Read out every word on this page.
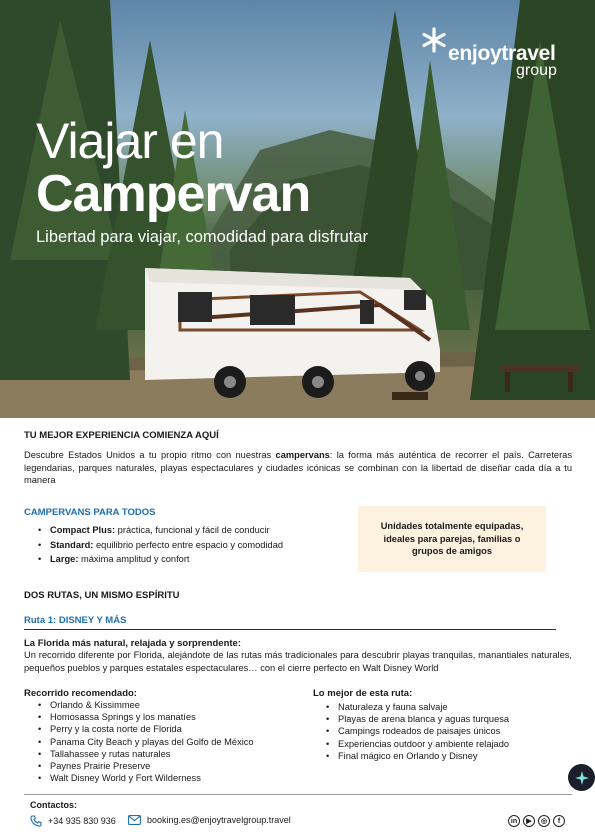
enjoytravel
group
Viajar en
Campervan
Libertad para viajar, comodidad para disfrutar
TU MEJOR EXPERIENCIA COMIENZA AQUÍ
Descubre Estados Unidos a tu propio ritmo con nuestras campervans: la forma más auténtica de recorrer el país. Carreteras legendarias, parques naturales, playas espectaculares y ciudades icónicas se combinan con la libertad de diseñar cada día a tu manera
CAMPERVANS PARA TODOS
• Compact Plus: práctica, funcional y fácil de conducir
• Standard: equilibrio perfecto entre espacio y comodidad
• Large: máxima amplitud y confort
Unidades totalmente equipadas, ideales para parejas, familias o grupos de amigos
DOS RUTAS, UN MISMO ESPÍRITU
Ruta 1: DISNEY Y MÁS
La Florida más natural, relajada y sorprendente:
Un recorrido diferente por Florida, alejándote de las rutas más tradicionales para descubrir playas tranquilas, manantiales naturales, pequeños pueblos y parques estatales espectaculares… con el cierre perfecto en Walt Disney World
Recorrido recomendado:
• Orlando & Kissimmee
• Homosassa Springs y los manatíes
• Perry y la costa norte de Florida
• Panama City Beach y playas del Golfo de México
• Tallahassee y rutas naturales
• Paynes Prairie Preserve
• Walt Disney World y Fort Wilderness
Lo mejor de esta ruta:
• Naturaleza y fauna salvaje
• Playas de arena blanca y aguas turquesa
• Campings rodeados de paisajes únicos
• Experiencias outdoor y ambiente relajado
• Final mágico en Orlando y Disney
Contactos:
+34 935 830 936	booking.es@enjoytravelgroup.travel	in	▶	◎	f
